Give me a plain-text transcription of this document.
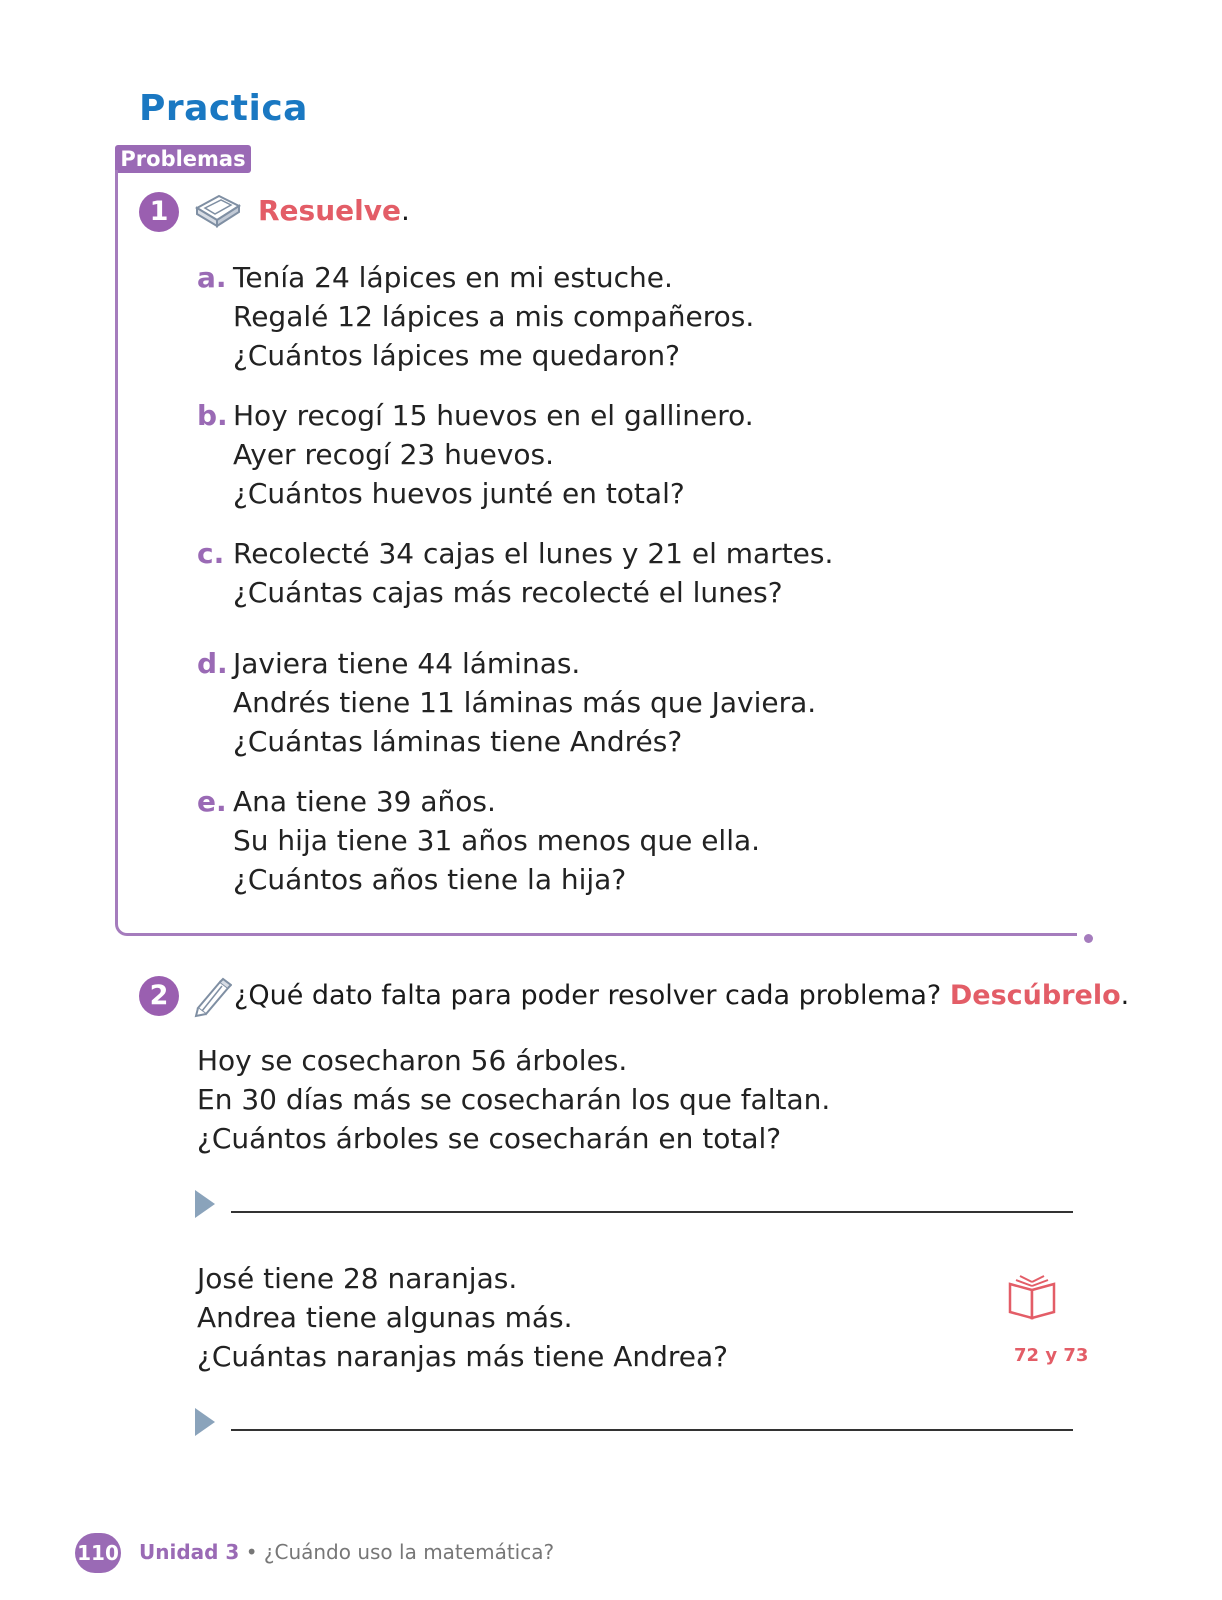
Practica
Problemas
1	Resuelve.
a. Tenía 24 lápices en mi estuche.
Regalé 12 lápices a mis compañeros.
¿Cuántos lápices me quedaron?
b. Hoy recogí 15 huevos en el gallinero.
Ayer recogí 23 huevos.
¿Cuántos huevos junté en total?
c. Recolecté 34 cajas el lunes y 21 el martes.
¿Cuántas cajas más recolecté el lunes?
d. Javiera tiene 44 láminas.
Andrés tiene 11 láminas más que Javiera.
¿Cuántas láminas tiene Andrés?
e. Ana tiene 39 años.
Su hija tiene 31 años menos que ella.
¿Cuántos años tiene la hija?
2	¿Qué dato falta para poder resolver cada problema? Descúbrelo.
Hoy se cosecharon 56 árboles.
En 30 días más se cosecharán los que faltan.
¿Cuántos árboles se cosecharán en total?
José tiene 28 naranjas.
Andrea tiene algunas más.
¿Cuántas naranjas más tiene Andrea?	72 y 73
110 Unidad 3 • ¿Cuándo uso la matemática?
